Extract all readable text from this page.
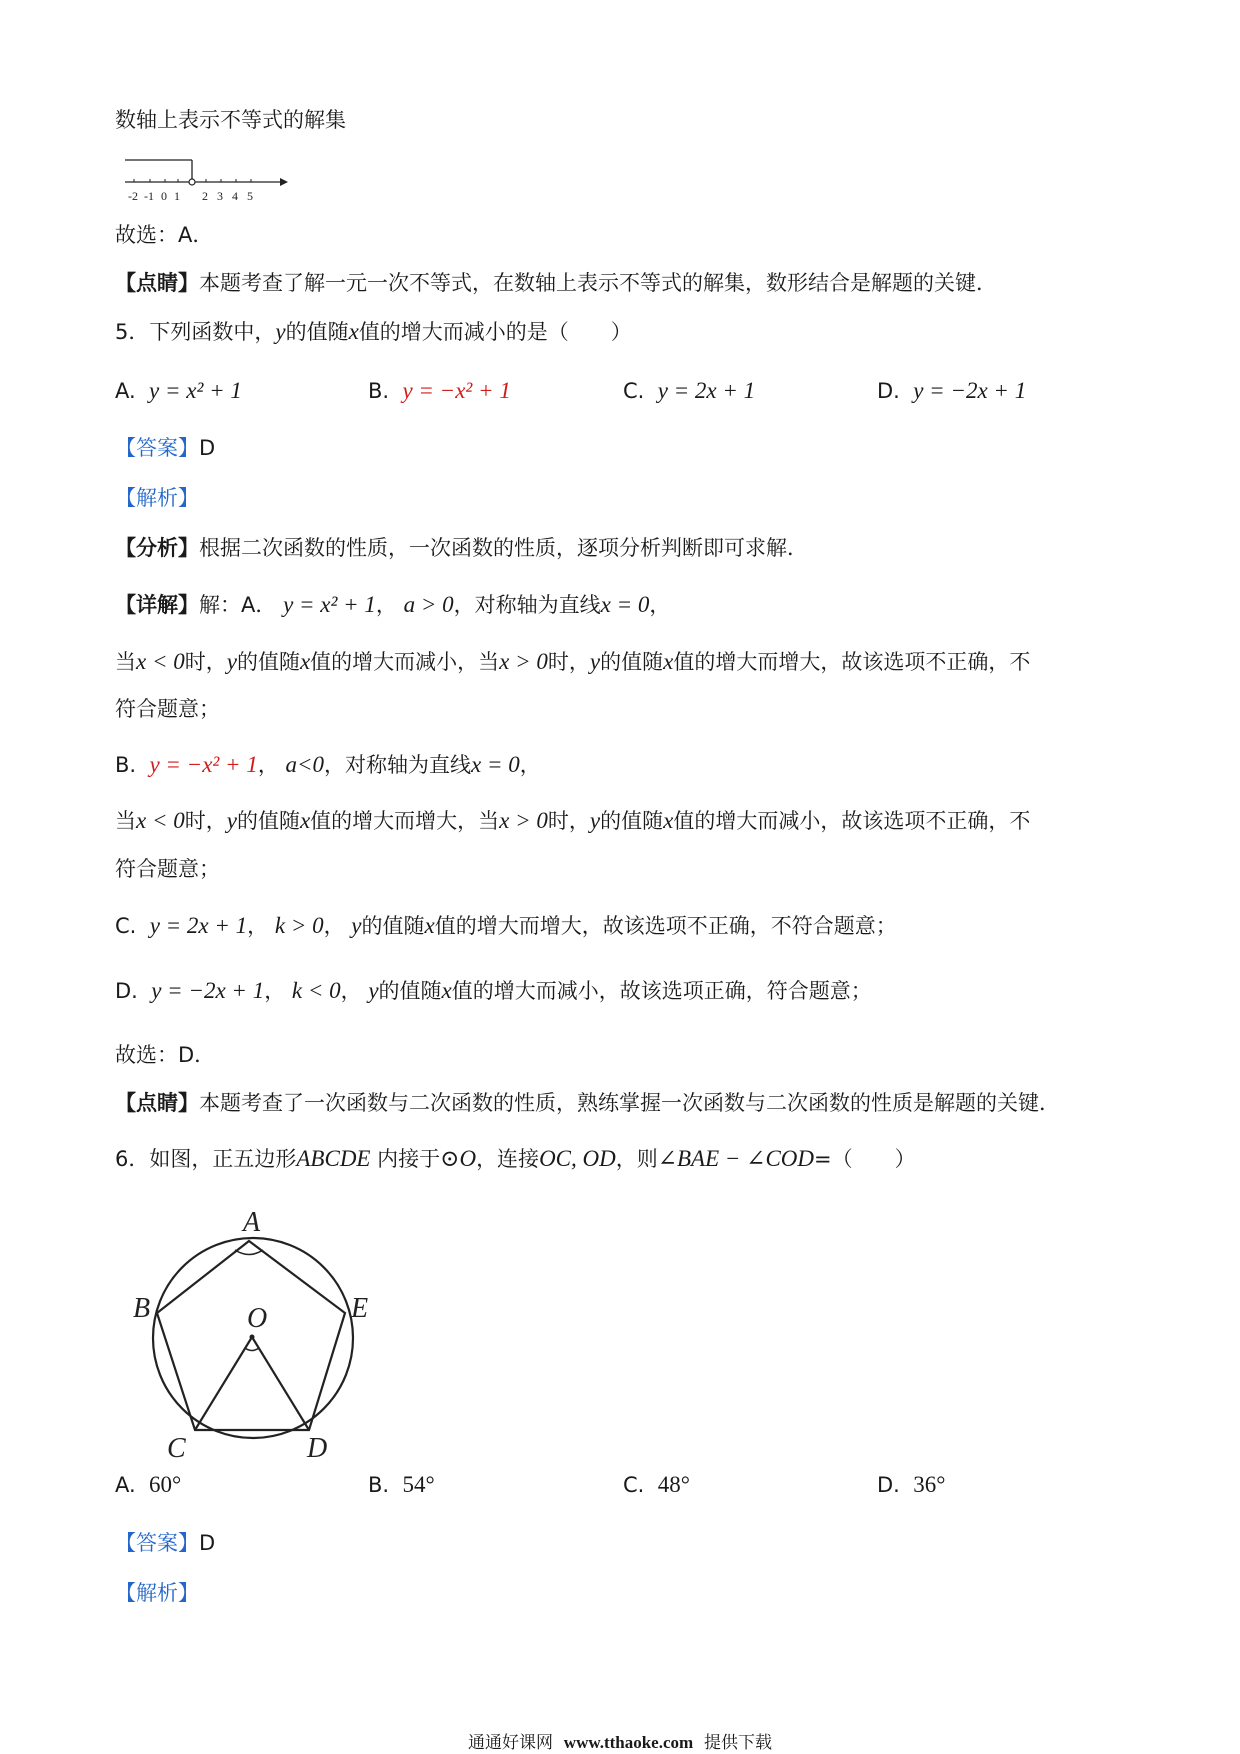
数轴上表示不等式的解集
-2 -1 0 1 2 3 4 5
故选：A．
【点睛】本题考查了解一元一次不等式，在数轴上表示不等式的解集，数形结合是解题的关键．
5．下列函数中，y的值随x值的增大而减小的是（　　）
A. y = x² + 1	B. y = −x² + 1	C. y = 2x + 1	D. y = −2x + 1
【答案】D
【解析】
【分析】根据二次函数的性质，一次函数的性质，逐项分析判断即可求解．
【详解】解：A． y = x² + 1， a > 0，对称轴为直线x = 0，
当x < 0时，y的值随x值的增大而减小，当x > 0时，y的值随x值的增大而增大，故该选项不正确，不
符合题意；
B. y = −x² + 1， a<0，对称轴为直线x = 0，
当x < 0时，y的值随x值的增大而增大，当x > 0时，y的值随x值的增大而减小，故该选项不正确，不
符合题意；
C. y = 2x + 1， k > 0， y的值随x值的增大而增大，故该选项不正确，不符合题意；
D. y = −2x + 1， k < 0， y的值随x值的增大而减小，故该选项正确，符合题意；
故选：D．
【点睛】本题考查了一次函数与二次函数的性质，熟练掌握一次函数与二次函数的性质是解题的关键．
6．如图，正五边形ABCDE 内接于⊙O，连接OC, OD，则∠BAE − ∠COD=（　　）
A
B	E
O
C	D
A. 60°	B. 54°	C. 48°	D. 36°
【答案】D
【解析】
通通好课网 www.tthaoke.com 提供下载
